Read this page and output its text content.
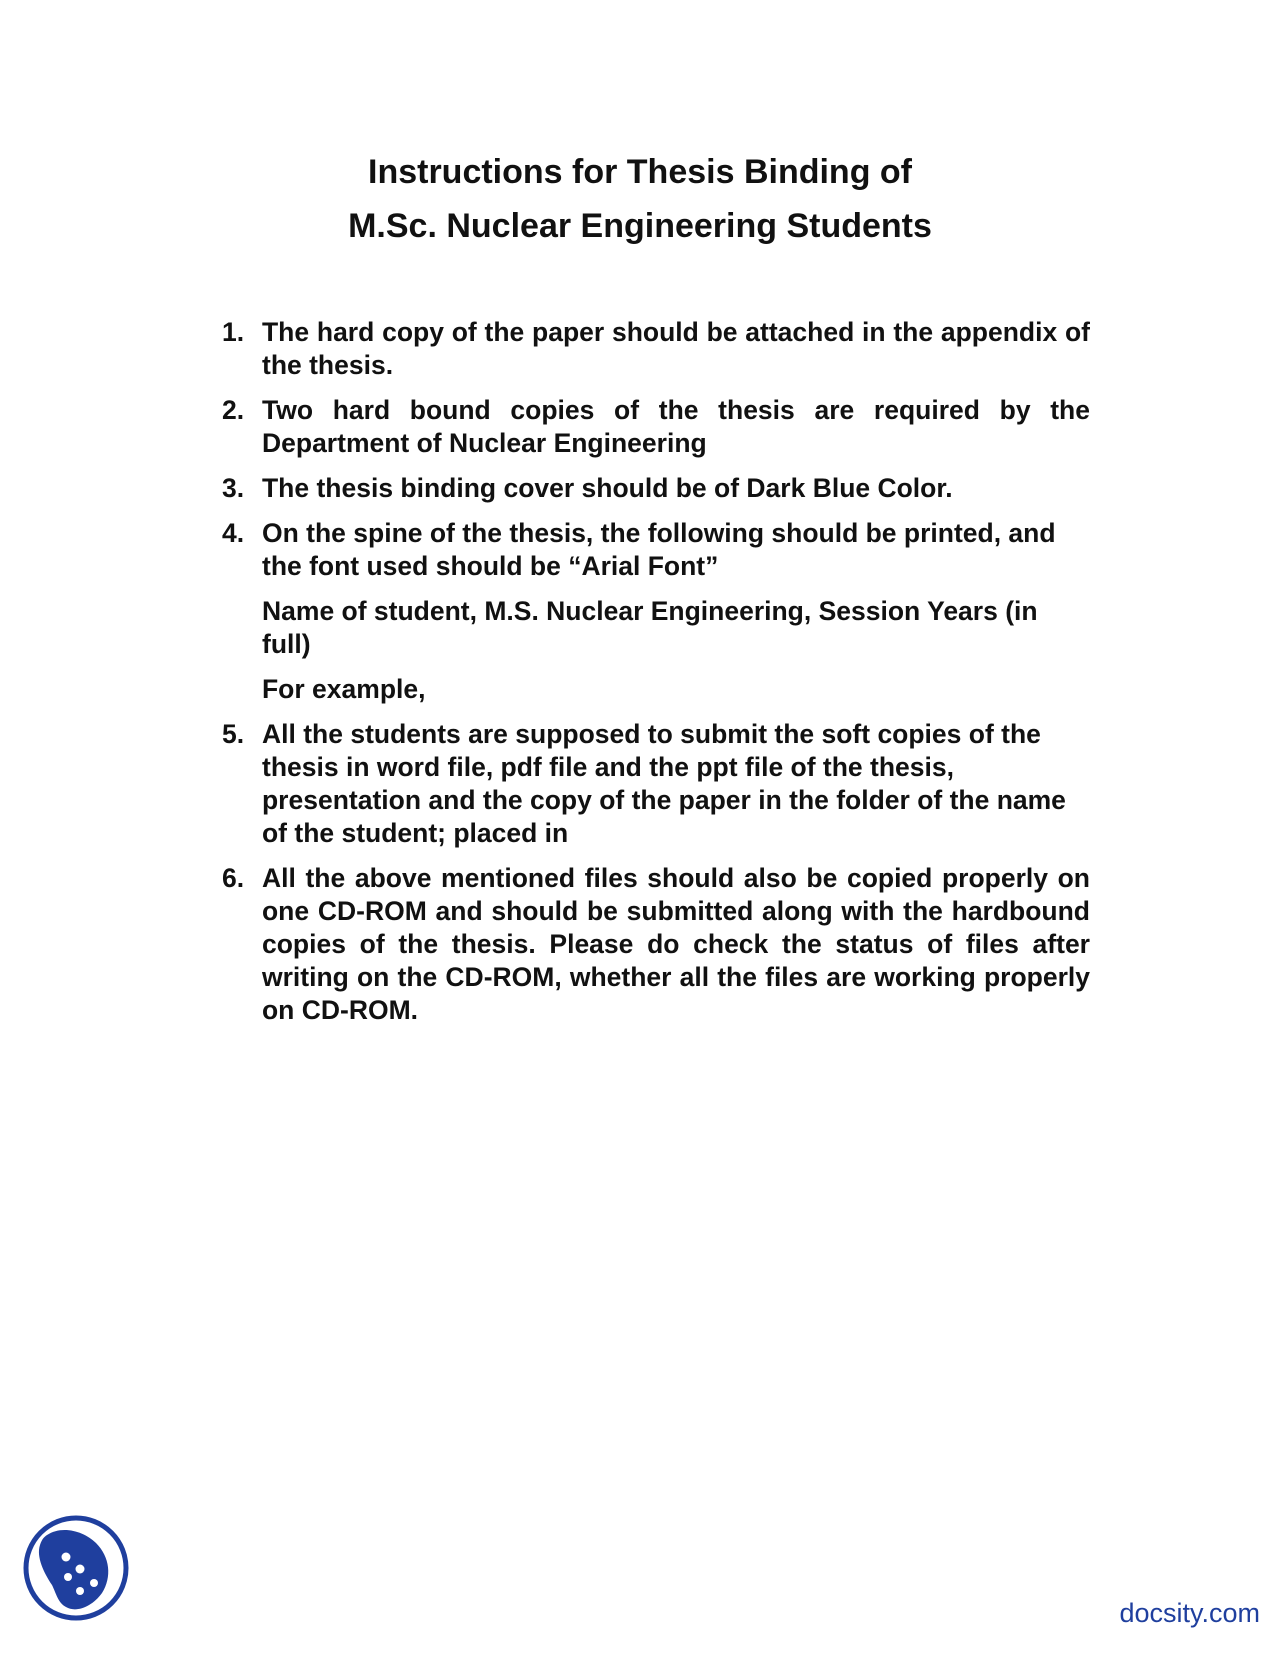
Instructions for Thesis Binding of
M.Sc. Nuclear Engineering Students
1. The hard copy of the paper should be attached in the appendix of the thesis.

2. Two hard bound copies of the thesis are required by the Department of Nuclear Engineering

3. The thesis binding cover should be of Dark Blue Color.

4. On the spine of the thesis, the following should be printed, and the font used should be “Arial Font”

Name of student, M.S. Nuclear Engineering, Session Years (in full)

For example,

5. All the students are supposed to submit the soft copies of the thesis in word file, pdf file and the ppt file of the thesis, presentation and the copy of the paper in the folder of the name of the student; placed in

6. All the above mentioned files should also be copied properly on one CD-ROM and should be submitted along with the hardbound copies of the thesis. Please do check the status of files after writing on the CD-ROM, whether all the files are working properly on CD-ROM.

docsity.com
